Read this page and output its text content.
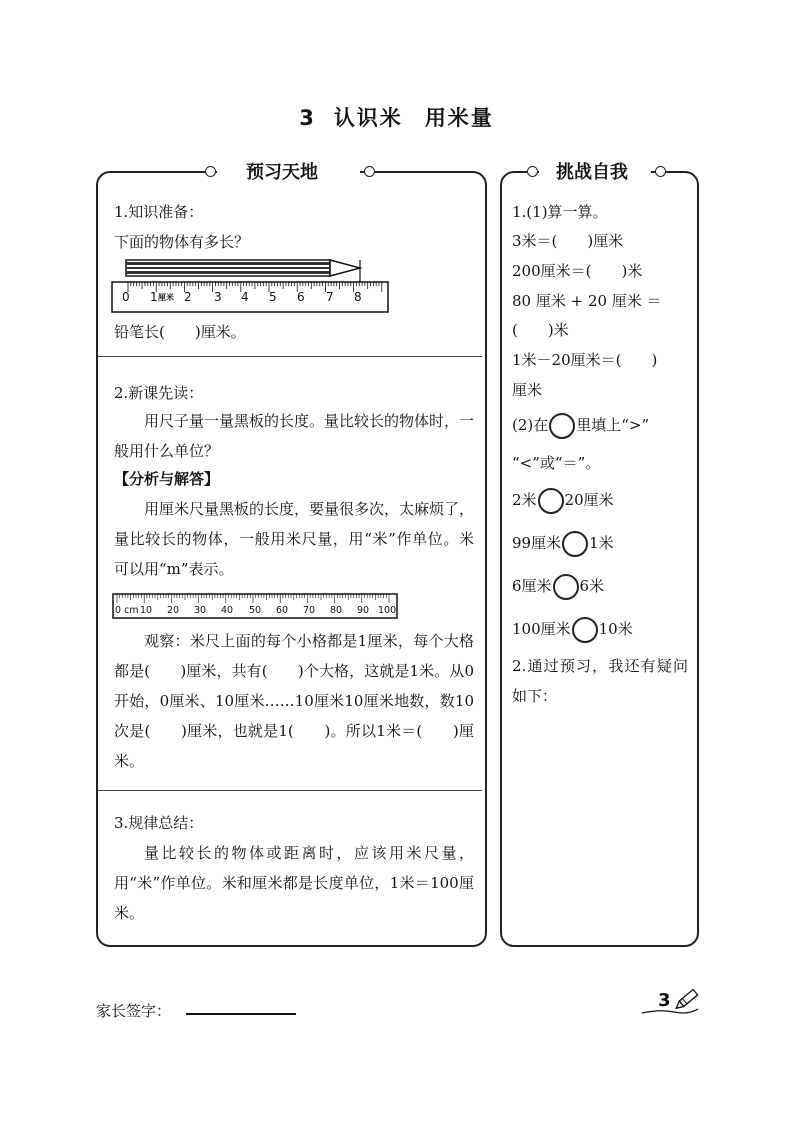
3 认识米 用米量
预习天地
1.知识准备：
下面的物体有多长？
0 1 厘米 2 3 4 5 6 7 8
铅笔长(　　)厘米。
2.新课先读：
用尺子量一量黑板的长度。量比较长的物体时，一般用什么单位？
【分析与解答】
用厘米尺量黑板的长度，要量很多次，太麻烦了，量比较长的物体，一般用米尺量，用“米”作单位。米可以用“m”表示。
0 cm 10 20 30 40 50 60 70 80 90 100
观察：米尺上面的每个小格都是1厘米，每个大格都是(　　)厘米，共有(　　)个大格，这就是1米。从0开始，0厘米、10厘米……10厘米10厘米地数，数10次是(　　)厘米，也就是1(　　)。所以1米＝(　　)厘米。
3.规律总结：
量比较长的物体或距离时，应该用米尺量，用“米”作单位。米和厘米都是长度单位，1米＝100厘米。
挑战自我
1.(1)算一算。
3米＝(　　)厘米
200厘米＝(　　)米
80 厘米 + 20 厘米 ＝
(　　)米
1米－20厘米＝(　　)
厘米
(2)在 里填上“>”
“<”或“＝”。
2米 20厘米
99厘米 1米
6厘米 6米
100厘米 10米
2.通过预习，我还有疑问如下：
家长签字：	3
